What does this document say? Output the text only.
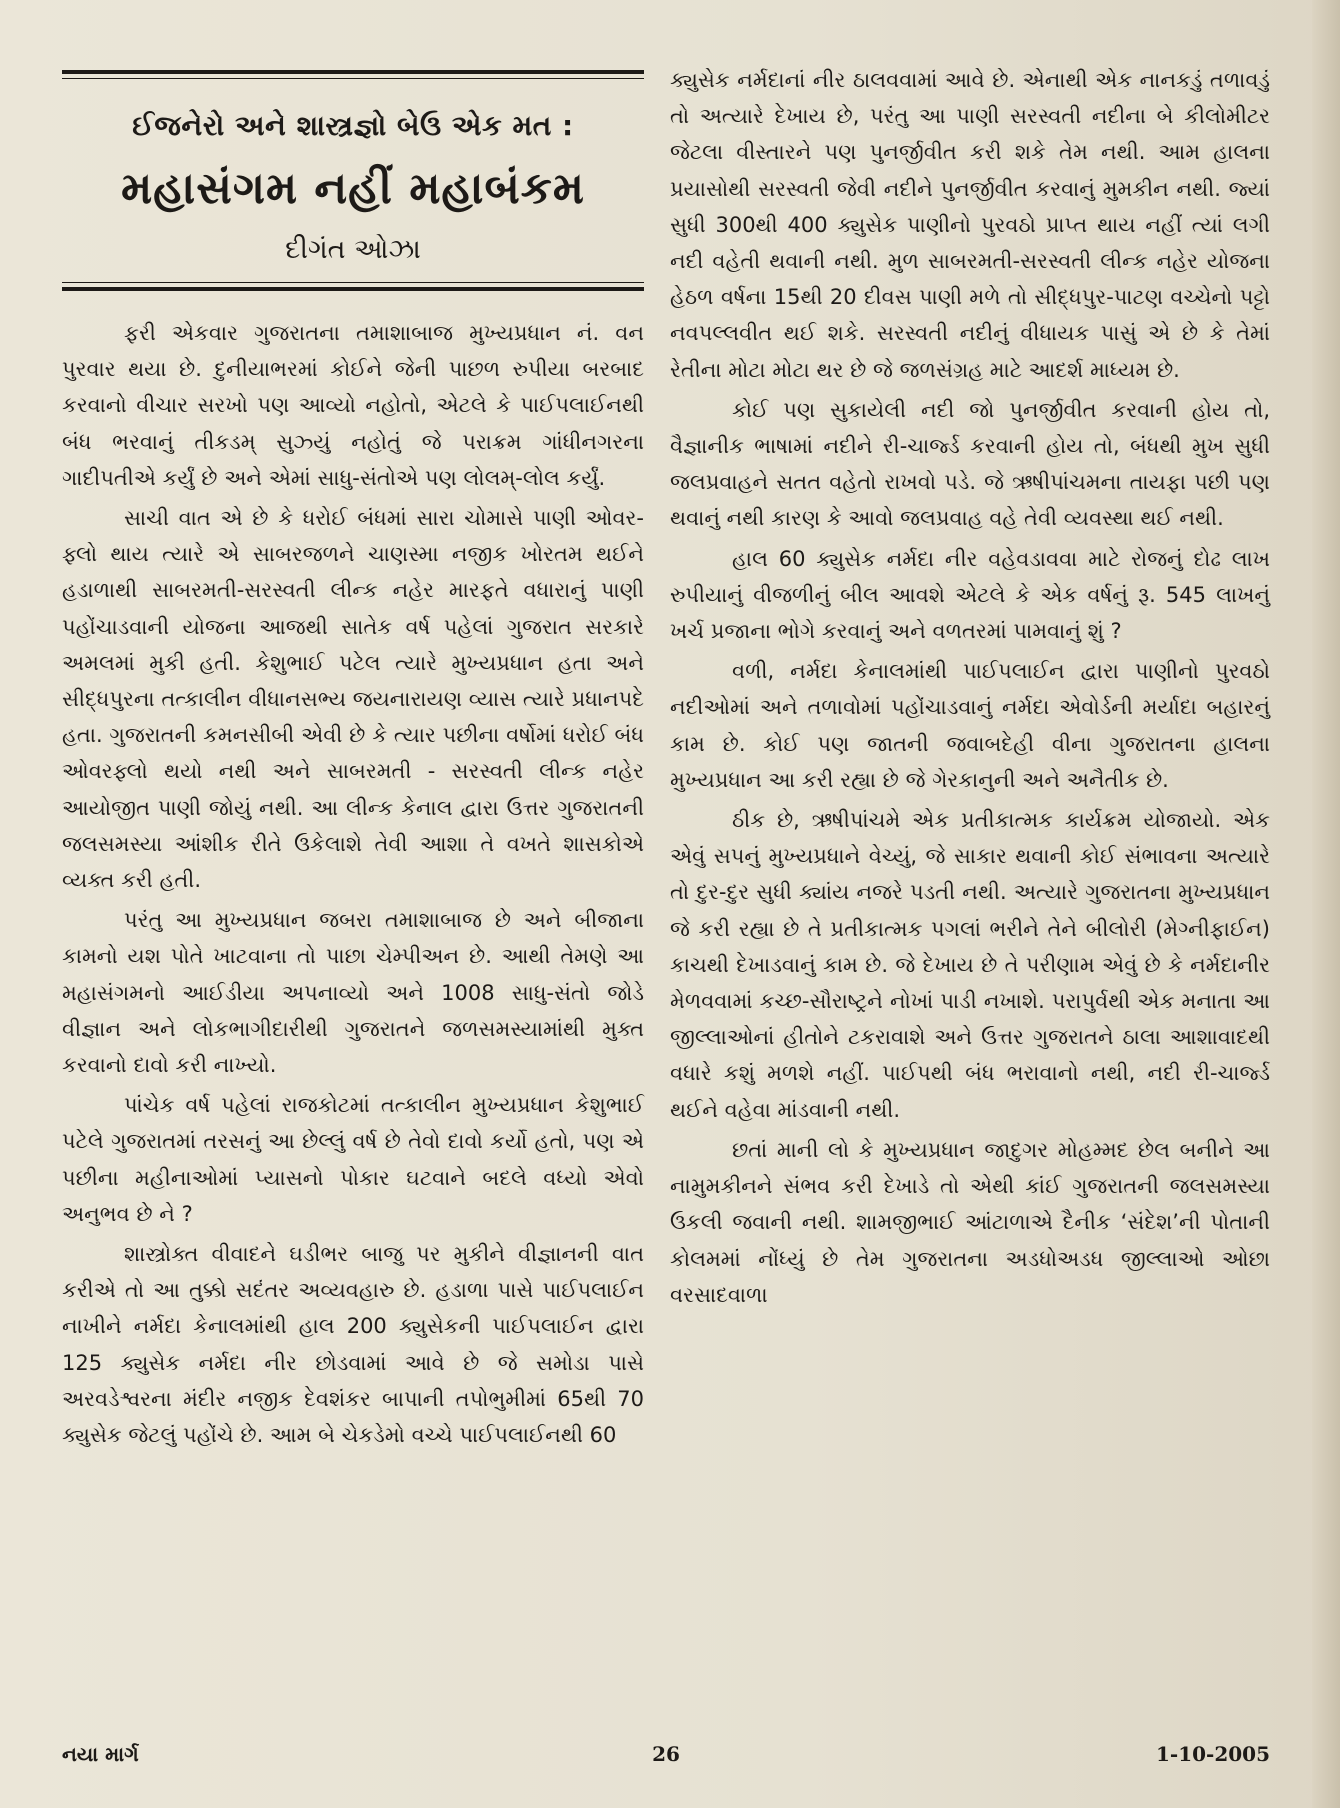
ઈજનેરો અને શાસ્ત્રજ્ઞો બેઉ એક મત :
મહાસંગમ નહીં મહાબંકમ
દીગંત ઓઝા

ફરી એકવાર ગુજરાતના તમાશાબાજ મુખ્યપ્રધાન નં. વન પુરવાર થયા છે. દુનીયાભરમાં કોઈને જેની પાછળ રુપીયા બરબાદ કરવાનો વીચાર સરખો પણ આવ્યો નહોતો, એટલે કે પાઈપલાઈનથી બંધ ભરવાનું તીકડમ્ સુઝ્યું નહોતું જે પરાક્રમ ગાંધીનગરના ગાદીપતીએ કર્યું છે અને એમાં સાધુ-સંતોએ પણ લોલમ્-લોલ કર્યું.

સાચી વાત એ છે કે ધરોઈ બંધમાં સારા ચોમાસે પાણી ઓવર-ફ્લો થાય ત્યારે એ સાબરજળને ચાણસ્મા નજીક ખોરતમ થઈને હડાળાથી સાબરમતી-સરસ્વતી લીન્ક નહેર મારફતે વધારાનું પાણી પહોંચાડવાની યોજના આજથી સાતેક વર્ષ પહેલાં ગુજરાત સરકારે અમલમાં મુકી હતી. કેશુભાઈ પટેલ ત્યારે મુખ્યપ્રધાન હતા અને સીદ્ધપુરના તત્કાલીન વીધાનસભ્ય જયનારાયણ વ્યાસ ત્યારે પ્રધાનપદે હતા. ગુજરાતની કમનસીબી એવી છે કે ત્યાર પછીના વર્ષોમાં ધરોઈ બંધ ઓવરફ્લો થયો નથી અને સાબરમતી - સરસ્વતી લીન્ક નહેર આયોજીત પાણી જોયું નથી. આ લીન્ક કેનાલ દ્વારા ઉત્તર ગુજરાતની જલસમસ્યા આંશીક રીતે ઉકેલાશે તેવી આશા તે વખતે શાસકોએ વ્યક્ત કરી હતી.

પરંતુ આ મુખ્યપ્રધાન જબરા તમાશાબાજ છે અને બીજાના કામનો યશ પોતે ખાટવાના તો પાછા ચેમ્પીઅન છે. આથી તેમણે આ મહાસંગમનો આઈડીયા અપનાવ્યો અને 1008 સાધુ-સંતો જોડે વીજ્ઞાન અને લોકભાગીદારીથી ગુજરાતને જળસમસ્યામાંથી મુક્ત કરવાનો દાવો કરી નાખ્યો.

પાંચેક વર્ષ પહેલાં રાજકોટમાં તત્કાલીન મુખ્યપ્રધાન કેશુભાઈ પટેલે ગુજરાતમાં તરસનું આ છેલ્લું વર્ષ છે તેવો દાવો કર્યો હતો, પણ એ પછીના મહીનાઓમાં પ્યાસનો પોકાર ઘટવાને બદલે વધ્યો એવો અનુભવ છે ને ?

શાસ્ત્રોક્ત વીવાદને ઘડીભર બાજુ પર મુકીને વીજ્ઞાનની વાત કરીએ તો આ તુક્કો સદંતર અવ્યવહારુ છે. હડાળા પાસે પાઈપલાઈન નાખીને નર્મદા કેનાલમાંથી હાલ 200 ક્યુસેકની પાઈપલાઈન દ્વારા 125 ક્યુસેક નર્મદા નીર છોડવામાં આવે છે જે સમોડા પાસે અરવડેશ્વરના મંદીર નજીક દેવશંકર બાપાની તપોભુમીમાં 65થી 70 ક્યુસેક જેટલું પહોંચે છે. આમ બે ચેકડેમો વચ્ચે પાઈપલાઈનથી 60

ક્યુસેક નર્મદાનાં નીર ઠાલવવામાં આવે છે. એનાથી એક નાનકડું તળાવડું તો અત્યારે દેખાય છે, પરંતુ આ પાણી સરસ્વતી નદીના બે કીલોમીટર જેટલા વીસ્તારને પણ પુનર્જીવીત કરી શકે તેમ નથી. આમ હાલના પ્રયાસોથી સરસ્વતી જેવી નદીને પુનર્જીવીત કરવાનું મુમકીન નથી. જ્યાં સુધી 300થી 400 ક્યુસેક પાણીનો પુરવઠો પ્રાપ્ત થાય નહીં ત્યાં લગી નદી વહેતી થવાની નથી. મુળ સાબરમતી-સરસ્વતી લીન્ક નહેર યોજના હેઠળ વર્ષના 15થી 20 દીવસ પાણી મળે તો સીદ્ધપુર-પાટણ વચ્ચેનો પટ્ટો નવપલ્લવીત થઈ શકે. સરસ્વતી નદીનું વીધાયક પાસું એ છે કે તેમાં રેતીના મોટા મોટા થર છે જે જળસંગ્રહ માટે આદર્શ માધ્યમ છે.

કોઈ પણ સુકાયેલી નદી જો પુનર્જીવીત કરવાની હોય તો, વૈજ્ઞાનીક ભાષામાં નદીને રી-ચાર્જ્ડ કરવાની હોય તો, બંધથી મુખ સુધી જલપ્રવાહને સતત વહેતો રાખવો પડે. જે ઋષીપાંચમના તાયફા પછી પણ થવાનું નથી કારણ કે આવો જલપ્રવાહ વહે તેવી વ્યવસ્થા થઈ નથી.

હાલ 60 ક્યુસેક નર્મદા નીર વહેવડાવવા માટે રોજનું દોઢ લાખ રુપીયાનું વીજળીનું બીલ આવશે એટલે કે એક વર્ષનું રૂ. 545 લાખનું ખર્ચ પ્રજાના ભોગે કરવાનું અને વળતરમાં પામવાનું શું ?

વળી, નર્મદા કેનાલમાંથી પાઈપલાઈન દ્વારા પાણીનો પુરવઠો નદીઓમાં અને તળાવોમાં પહોંચાડવાનું નર્મદા એવોર્ડની મર્યાદા બહારનું કામ છે. કોઈ પણ જાતની જવાબદેહી વીના ગુજરાતના હાલના મુખ્યપ્રધાન આ કરી રહ્યા છે જે ગેરકાનુની અને અનૈતીક છે.

ઠીક છે, ઋષીપાંચમે એક પ્રતીકાત્મક કાર્યક્રમ યોજાયો. એક એવું સપનું મુખ્યપ્રધાને વેચ્યું, જે સાકાર થવાની કોઈ સંભાવના અત્યારે તો દુર-દુર સુધી ક્યાંય નજરે પડતી નથી. અત્યારે ગુજરાતના મુખ્યપ્રધાન જે કરી રહ્યા છે તે પ્રતીકાત્મક પગલાં ભરીને તેને બીલોરી (મેગ્નીફાઈન) કાચથી દેખાડવાનું કામ છે. જે દેખાય છે તે પરીણામ એવું છે કે નર્મદાનીર મેળવવામાં કચ્છ-સૌરાષ્ટ્રને નોખાં પાડી નખાશે. પરાપુર્વથી એક મનાતા આ જીલ્લાઓનાં હીતોને ટકરાવાશે અને ઉત્તર ગુજરાતને ઠાલા આશાવાદથી વધારે કશું મળશે નહીં. પાઈપથી બંધ ભરાવાનો નથી, નદી રી-ચાર્જ્ડ થઈને વહેવા માંડવાની નથી.

છતાં માની લો કે મુખ્યપ્રધાન જાદુગર મોહમ્મદ છેલ બનીને આ નામુમકીનને સંભવ કરી દેખાડે તો એથી કાંઈ ગુજરાતની જલસમસ્યા ઉકલી જવાની નથી. શામજીભાઈ આંટાળાએ દૈનીક ‘સંદેશ’ની પોતાની કોલમમાં નોંધ્યું છે તેમ ગુજરાતના અડધોઅડધ જીલ્લાઓ ઓછા વરસાદવાળા

નયા માર્ગ	26	1-10-2005
